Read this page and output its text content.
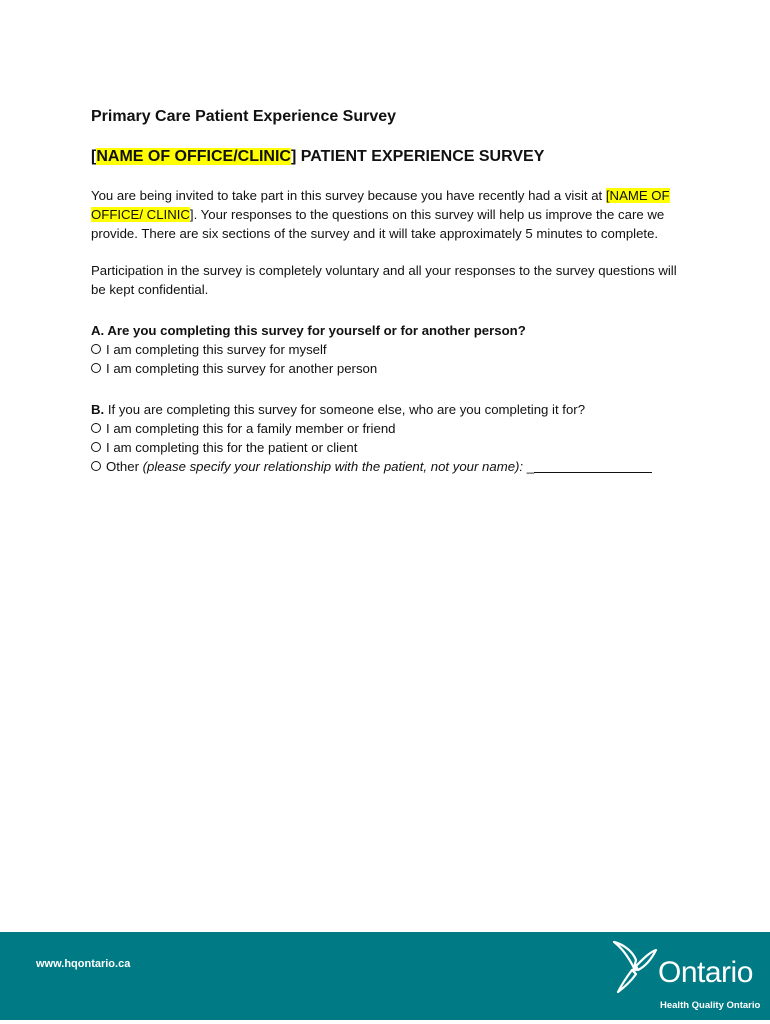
Primary Care Patient Experience Survey
[NAME OF OFFICE/CLINIC] PATIENT EXPERIENCE SURVEY

You are being invited to take part in this survey because you have recently had a visit at [NAME OF OFFICE/ CLINIC]. Your responses to the questions on this survey will help us improve the care we provide. There are six sections of the survey and it will take approximately 5 minutes to complete.

Participation in the survey is completely voluntary and all your responses to the survey questions will be kept confidential.

A. Are you completing this survey for yourself or for another person?
I am completing this survey for myself
I am completing this survey for another person
B. If you are completing this survey for someone else, who are you completing it for?
I am completing this for a family member or friend
I am completing this for the patient or client
Other (please specify your relationship with the patient, not your name): _
www.hqontario.ca	Ontario
Health Quality Ontario
